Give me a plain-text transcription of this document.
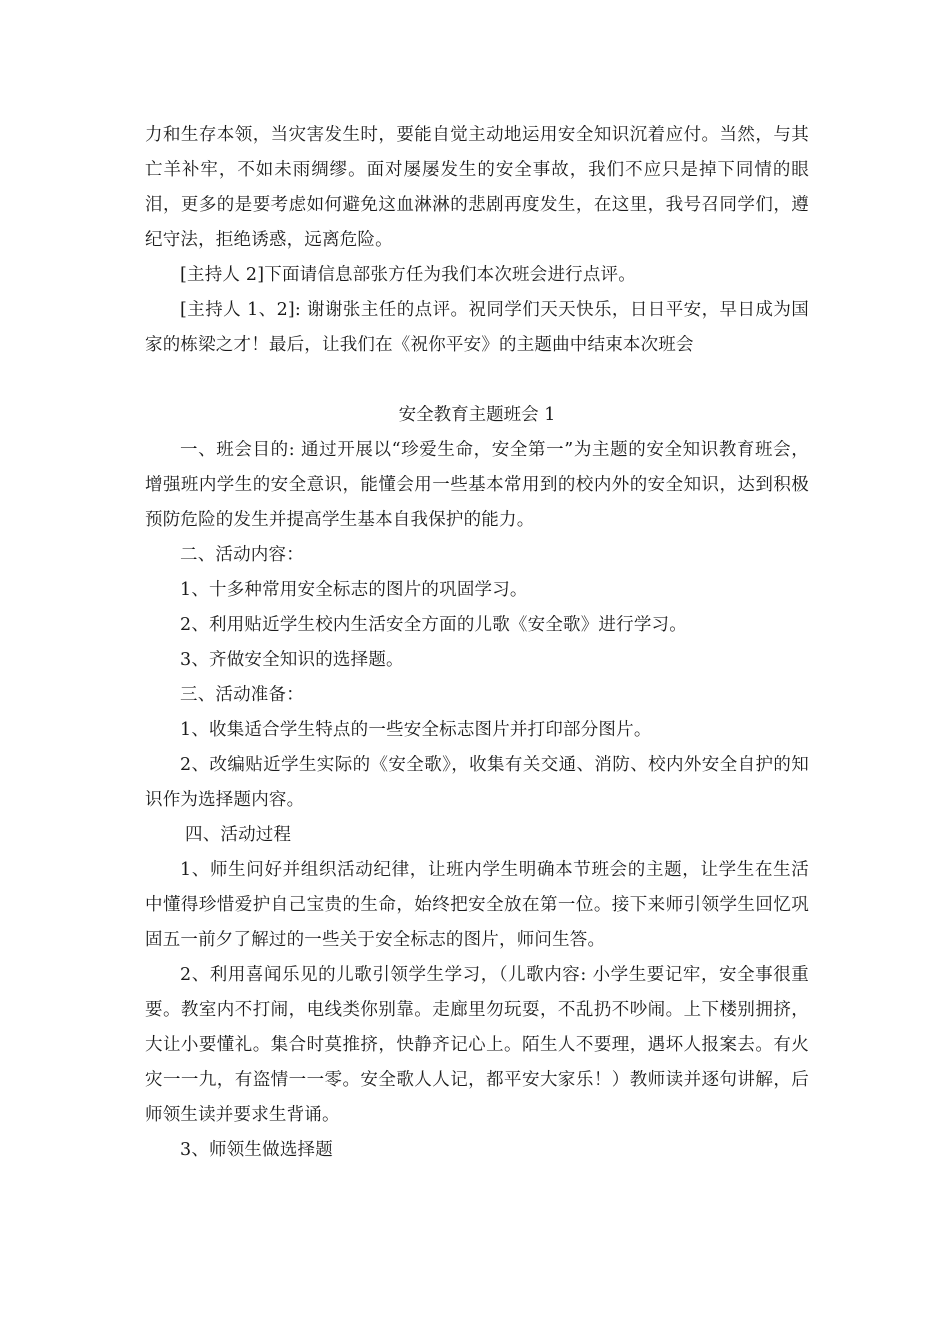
力和生存本领，当灾害发生时，要能自觉主动地运用安全知识沉着应付。当然，与其亡羊补牢，不如未雨绸缪。面对屡屡发生的安全事故，我们不应只是掉下同情的眼泪，更多的是要考虑如何避免这血淋淋的悲剧再度发生，在这里，我号召同学们，遵纪守法，拒绝诱惑，远离危险。

[主持人 2]下面请信息部张方任为我们本次班会进行点评。

[主持人 1、2]: 谢谢张主任的点评。祝同学们天天快乐，日日平安，早日成为国家的栋梁之才！最后，让我们在《祝你平安》的主题曲中结束本次班会

安全教育主题班会 1

一、班会目的: 通过开展以“珍爱生命，安全第一”为主题的安全知识教育班会，增强班内学生的安全意识，能懂会用一些基本常用到的校内外的安全知识，达到积极预防危险的发生并提高学生基本自我保护的能力。

二、活动内容：

1、十多种常用安全标志的图片的巩固学习。

2、利用贴近学生校内生活安全方面的儿歌《安全歌》进行学习。

3、齐做安全知识的选择题。

三、活动准备：

1、收集适合学生特点的一些安全标志图片并打印部分图片。

2、改编贴近学生实际的《安全歌》，收集有关交通、消防、校内外安全自护的知识作为选择题内容。

四、活动过程

1、师生问好并组织活动纪律，让班内学生明确本节班会的主题，让学生在生活中懂得珍惜爱护自己宝贵的生命，始终把安全放在第一位。接下来师引领学生回忆巩固五一前夕了解过的一些关于安全标志的图片，师问生答。

2、利用喜闻乐见的儿歌引领学生学习，（儿歌内容: 小学生要记牢，安全事很重要。教室内不打闹，电线类你别靠。走廊里勿玩耍，不乱扔不吵闹。上下楼别拥挤，大让小要懂礼。集合时莫推挤，快静齐记心上。陌生人不要理，遇坏人报案去。有火灾一一九，有盗情一一零。安全歌人人记，都平安大家乐！）教师读并逐句讲解，后师领生读并要求生背诵。

3、师领生做选择题
